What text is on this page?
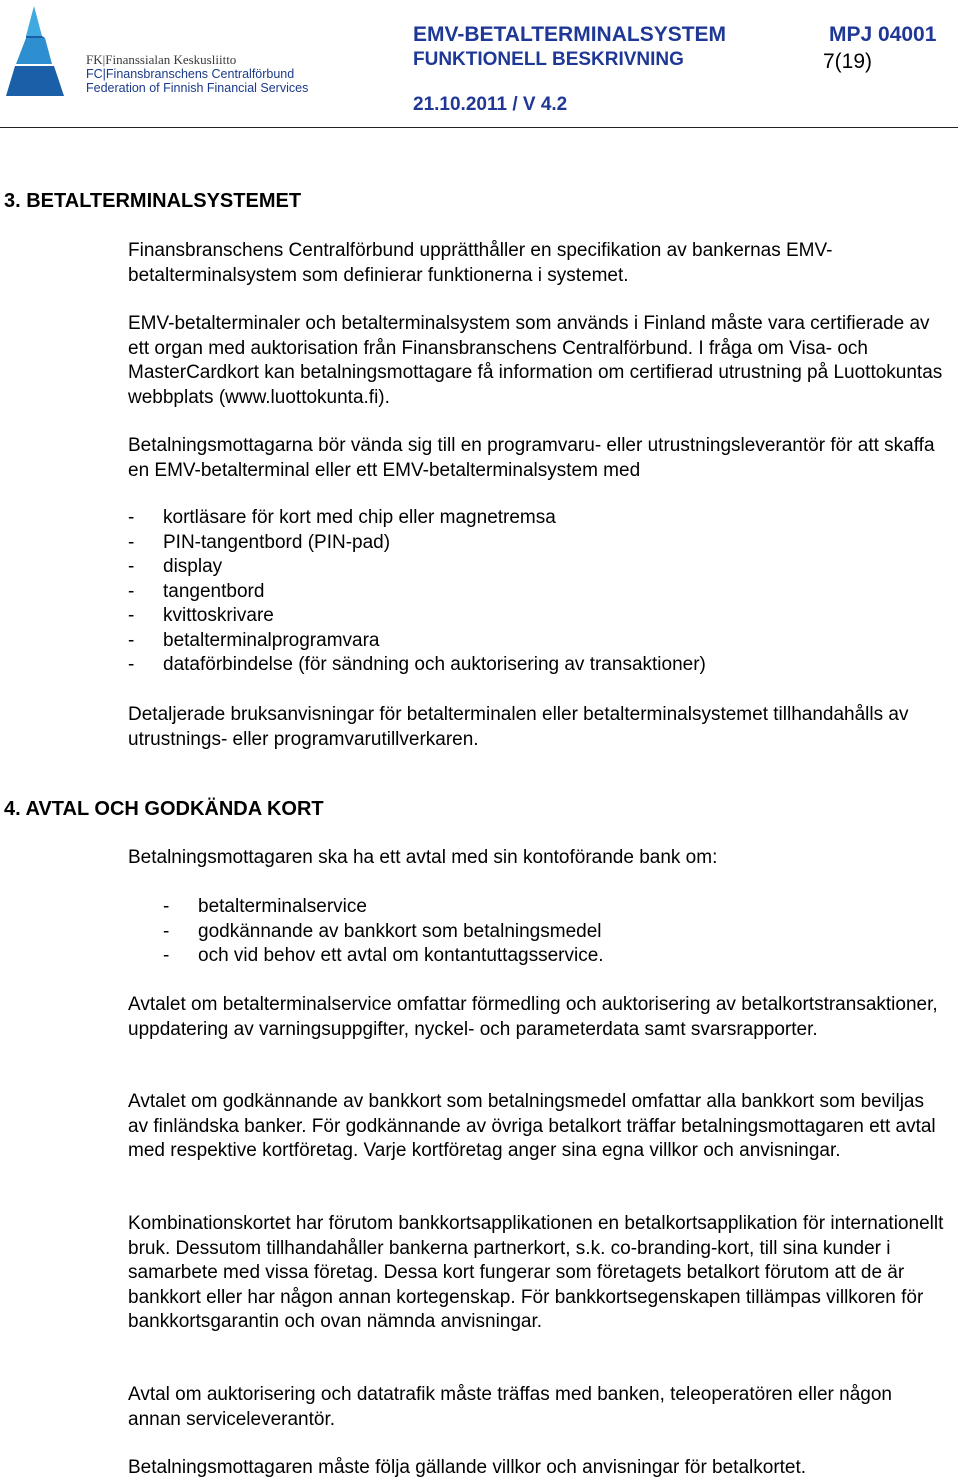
FK|Finanssialan Keskusliitto
FC|Finansbranschens Centralförbund
Federation of Finnish Financial Services
EMV-BETALTERMINALSYSTEM
FUNKTIONELL BESKRIVNING
MPJ 04001
7(19)
21.10.2011 / V 4.2
3. BETALTERMINALSYSTEMET

Finansbranschens Centralförbund upprätthåller en specifikation av bankernas EMV-betalterminalsystem som definierar funktionerna i systemet.

EMV-betalterminaler och betalterminalsystem som används i Finland måste vara certifierade av ett organ med auktorisation från Finansbranschens Centralförbund. I fråga om Visa- och MasterCardkort kan betalningsmottagare få information om certifierad utrustning på Luottokuntas webbplats (www.luottokunta.fi).

Betalningsmottagarna bör vända sig till en programvaru- eller utrustningsleverantör för att skaffa en EMV-betalterminal eller ett EMV-betalterminalsystem med

- kortläsare för kort med chip eller magnetremsa
- PIN-tangentbord (PIN-pad)
- display
- tangentbord
- kvittoskrivare
- betalterminalprogramvara
- dataförbindelse (för sändning och auktorisering av transaktioner)

Detaljerade bruksanvisningar för betalterminalen eller betalterminalsystemet tillhandahålls av utrustnings- eller programvarutillverkaren.

4. AVTAL OCH GODKÄNDA KORT

Betalningsmottagaren ska ha ett avtal med sin kontoförande bank om:

- betalterminalservice
- godkännande av bankkort som betalningsmedel
- och vid behov ett avtal om kontantuttagsservice.

Avtalet om betalterminalservice omfattar förmedling och auktorisering av betalkortstransaktioner, uppdatering av varningsuppgifter, nyckel- och parameterdata samt svarsrapporter.

Avtalet om godkännande av bankkort som betalningsmedel omfattar alla bankkort som beviljas av finländska banker. För godkännande av övriga betalkort träffar betalningsmottagaren ett avtal med respektive kortföretag. Varje kortföretag anger sina egna villkor och anvisningar.

Kombinationskortet har förutom bankkortsapplikationen en betalkortsapplikation för internationellt bruk. Dessutom tillhandahåller bankerna partnerkort, s.k. co-branding-kort, till sina kunder i samarbete med vissa företag. Dessa kort fungerar som företagets betalkort förutom att de är bankkort eller har någon annan kortegenskap. För bankkortsegenskapen tillämpas villkoren för bankkortsgarantin och ovan nämnda anvisningar.

Avtal om auktorisering och datatrafik måste träffas med banken, teleoperatören eller någon annan serviceleverantör.

Betalningsmottagaren måste följa gällande villkor och anvisningar för betalkortet.
